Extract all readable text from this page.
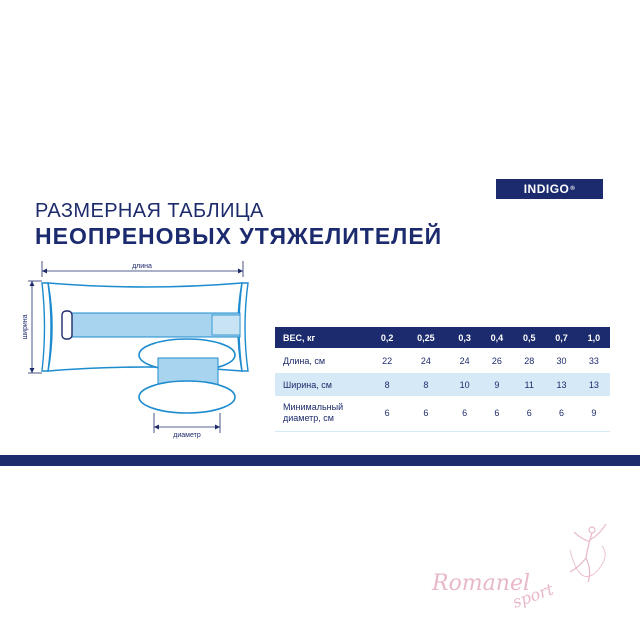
INDIGO ®
РАЗМЕРНАЯ ТАБЛИЦА
НЕОПРЕНОВЫХ УТЯЖЕЛИТЕЛЕЙ
длина
ширина
диаметр
ВЕС, кг	0,2	0,25	0,3	0,4	0,5	0,7	1,0
Длина, см	22	24	24	26	28	30	33
Ширина, см	8	8	10	9	11	13	13
Минимальный
диаметр, см	6	6	6	6	6	6	9
Romanel
sport
